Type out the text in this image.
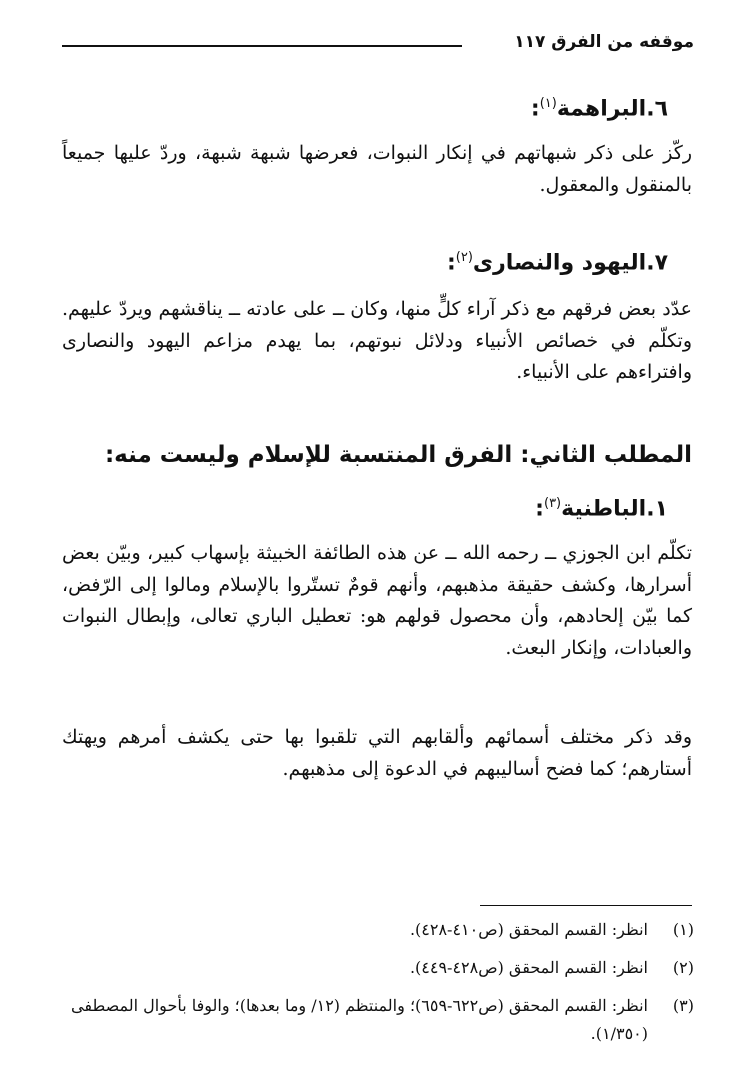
موقفه من الفرق ١١٧
٦.البراهمة$^{(١)}$:

ركّز على ذكر شبهاتهم في إنكار النبوات، فعرضها شبهة شبهة، وردّ عليها جميعاً بالمنقول والمعقول.

٧.اليهود والنصارى$^{(٢)}$:

عدّد بعض فرقهم مع ذكر آراء كلٍّ منها، وكان ــ على عادته ــ يناقشهم ويردّ عليهم. وتكلّم في خصائص الأنبياء ودلائل نبوتهم، بما يهدم مزاعم اليهود والنصارى وافتراءهم على الأنبياء.

المطلب الثاني: الفرق المنتسبة للإسلام وليست منه:
١.الباطنية$^{(٣)}$:

تكلّم ابن الجوزي ــ رحمه الله ــ عن هذه الطائفة الخبيثة بإسهاب كبير، وبيّن بعض أسرارها، وكشف حقيقة مذهبهم، وأنهم قومٌ تستّروا بالإسلام ومالوا إلى الرّفض، كما بيّن إلحادهم، وأن محصول قولهم هو: تعطيل الباري تعالى، وإبطال النبوات والعبادات، وإنكار البعث.

وقد ذكر مختلف أسمائهم وألقابهم التي تلقبوا بها حتى يكشف أمرهم ويهتك أستارهم؛ كما فضح أساليبهم في الدعوة إلى مذهبهم.

(١)
انظر: القسم المحقق (ص٤١٠-٤٢٨).
(٢)
انظر: القسم المحقق (ص٤٢٨-٤٤٩).
(٣)
انظر: القسم المحقق (ص٦٢٢-٦٥٩)؛ والمنتظم (١٢/ وما بعدها)؛ والوفا بأحوال المصطفى (١/٣٥٠).
